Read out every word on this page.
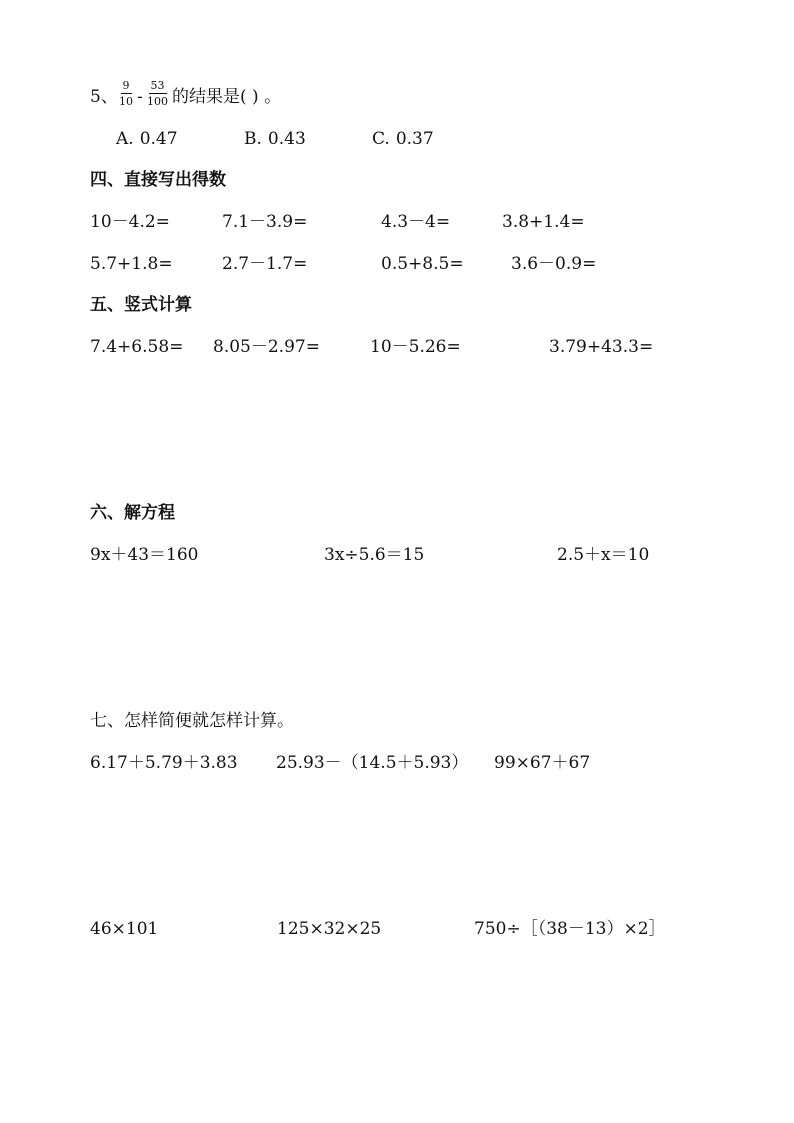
5、 $\frac{9}{10} - \frac{53}{100}$ 的结果是( ) 。
A. 0.47	B. 0.43	C. 0.37
四、直接写出得数
10－4.2=	7.1－3.9=	4.3－4=	3.8+1.4=
5.7+1.8=	2.7－1.7=	0.5+8.5=	3.6－0.9=
五、竖式计算
7.4+6.58= 8.05－2.97=	10－5.26=	3.79+43.3=
六、解方程
9x＋43＝160	3x÷5.6＝15	2.5＋x＝10
七、怎样简便就怎样计算。
6.17＋5.79＋3.83 25.93－（14.5＋5.93） 99×67＋67
46×101	125×32×25	750÷［（38－13）×2］
